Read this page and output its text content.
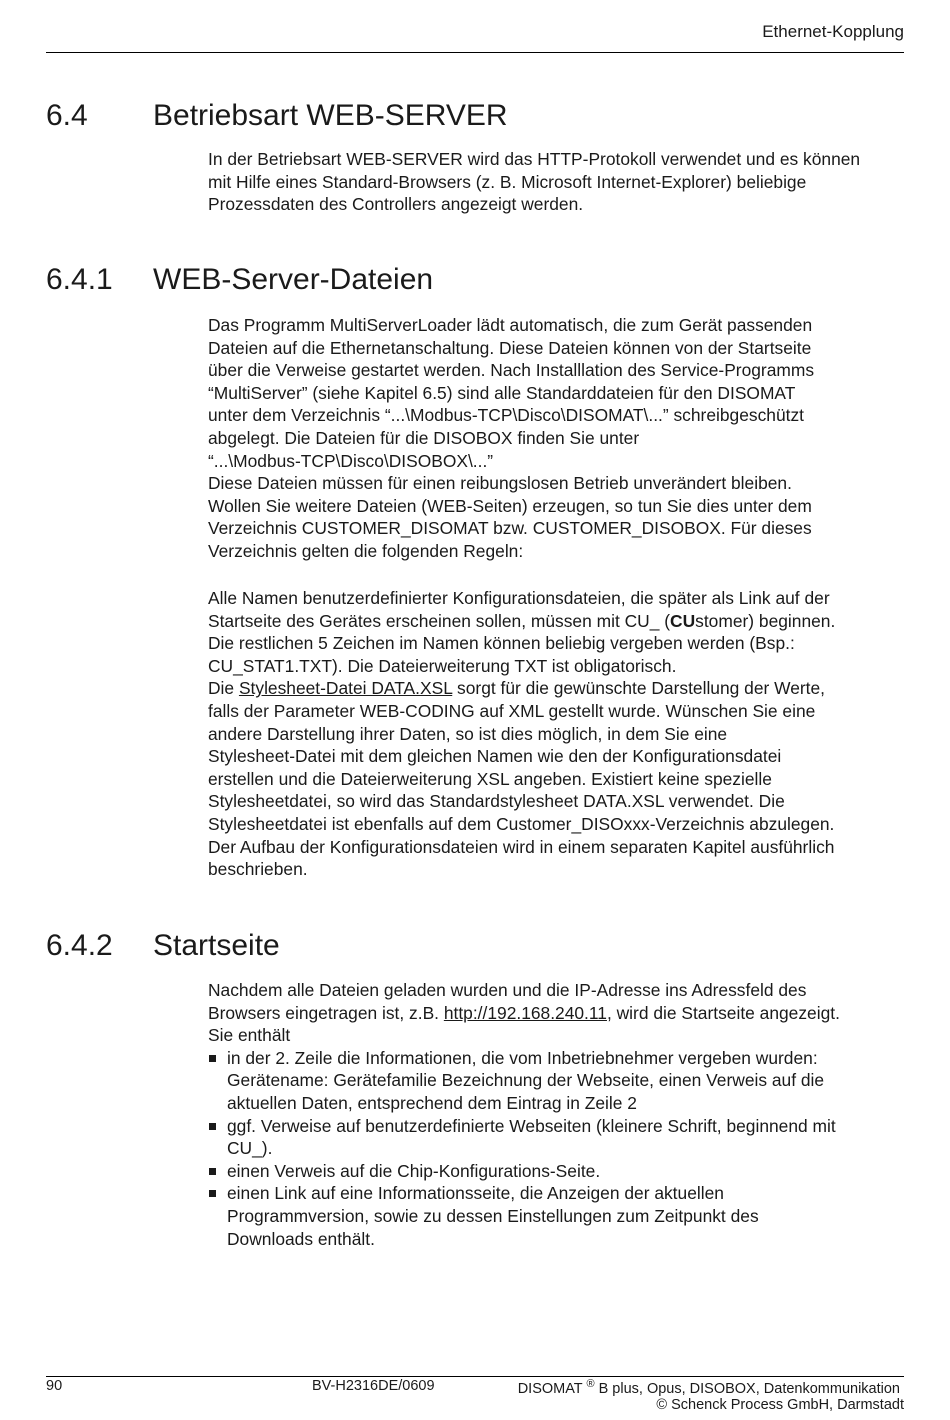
Ethernet-Kopplung
6.4 Betriebsart WEB-SERVER

In der Betriebsart WEB-SERVER wird das HTTP-Protokoll verwendet und es können mit Hilfe eines Standard-Browsers (z. B. Microsoft Internet-Explorer) beliebige Prozessdaten des Controllers angezeigt werden.

6.4.1 WEB-Server-Dateien
Das Programm MultiServerLoader lädt automatisch, die zum Gerät passenden
Dateien auf die Ethernetanschaltung. Diese Dateien können von der Startseite
über die Verweise gestartet werden. Nach Installlation des Service-Programms
“MultiServer” (siehe Kapitel 6.5) sind alle Standarddateien für den DISOMAT
unter dem Verzeichnis “...\Modbus-TCP\Disco\DISOMAT\...” schreibgeschützt
abgelegt. Die Dateien für die DISOBOX finden Sie unter
“...\Modbus-TCP\Disco\DISOBOX\...”
Diese Dateien müssen für einen reibungslosen Betrieb unverändert bleiben.
Wollen Sie weitere Dateien (WEB-Seiten) erzeugen, so tun Sie dies unter dem
Verzeichnis CUSTOMER_DISOMAT bzw. CUSTOMER_DISOBOX. Für dieses
Verzeichnis gelten die folgenden Regeln:
Alle Namen benutzerdefinierter Konfigurationsdateien, die später als Link auf der
Startseite des Gerätes erscheinen sollen, müssen mit CU_ (CUstomer) beginnen.
Die restlichen 5 Zeichen im Namen können beliebig vergeben werden (Bsp.:
CU_STAT1.TXT). Die Dateierweiterung TXT ist obligatorisch.
Die Stylesheet-Datei DATA.XSL sorgt für die gewünschte Darstellung der Werte,
falls der Parameter WEB-CODING auf XML gestellt wurde. Wünschen Sie eine
andere Darstellung ihrer Daten, so ist dies möglich, in dem Sie eine
Stylesheet-Datei mit dem gleichen Namen wie den der Konfigurationsdatei
erstellen und die Dateierweiterung XSL angeben. Existiert keine spezielle
Stylesheetdatei, so wird das Standardstylesheet DATA.XSL verwendet. Die
Stylesheetdatei ist ebenfalls auf dem Customer_DISOxxx-Verzeichnis abzulegen.
Der Aufbau der Konfigurationsdateien wird in einem separaten Kapitel ausführlich
beschrieben.
6.4.2 Startseite
Nachdem alle Dateien geladen wurden und die IP-Adresse ins Adressfeld des
Browsers eingetragen ist, z.B. http://192.168.240.11, wird die Startseite angezeigt.
Sie enthält
in der 2. Zeile die Informationen, die vom Inbetriebnehmer vergeben wurden:
Gerätename: Gerätefamilie Bezeichnung der Webseite, einen Verweis auf die
aktuellen Daten, entsprechend dem Eintrag in Zeile 2
ggf. Verweise auf benutzerdefinierte Webseiten (kleinere Schrift, beginnend mit
CU_).
einen Verweis auf die Chip-Konfigurations-Seite.
einen Link auf eine Informationsseite, die Anzeigen der aktuellen
Programmversion, sowie zu dessen Einstellungen zum Zeitpunkt des
Downloads enthält.
90	BV-H2316DE/0609	DISOMAT ® B plus, Opus, DISOBOX, Datenkommunikation
© Schenck Process GmbH, Darmstadt
